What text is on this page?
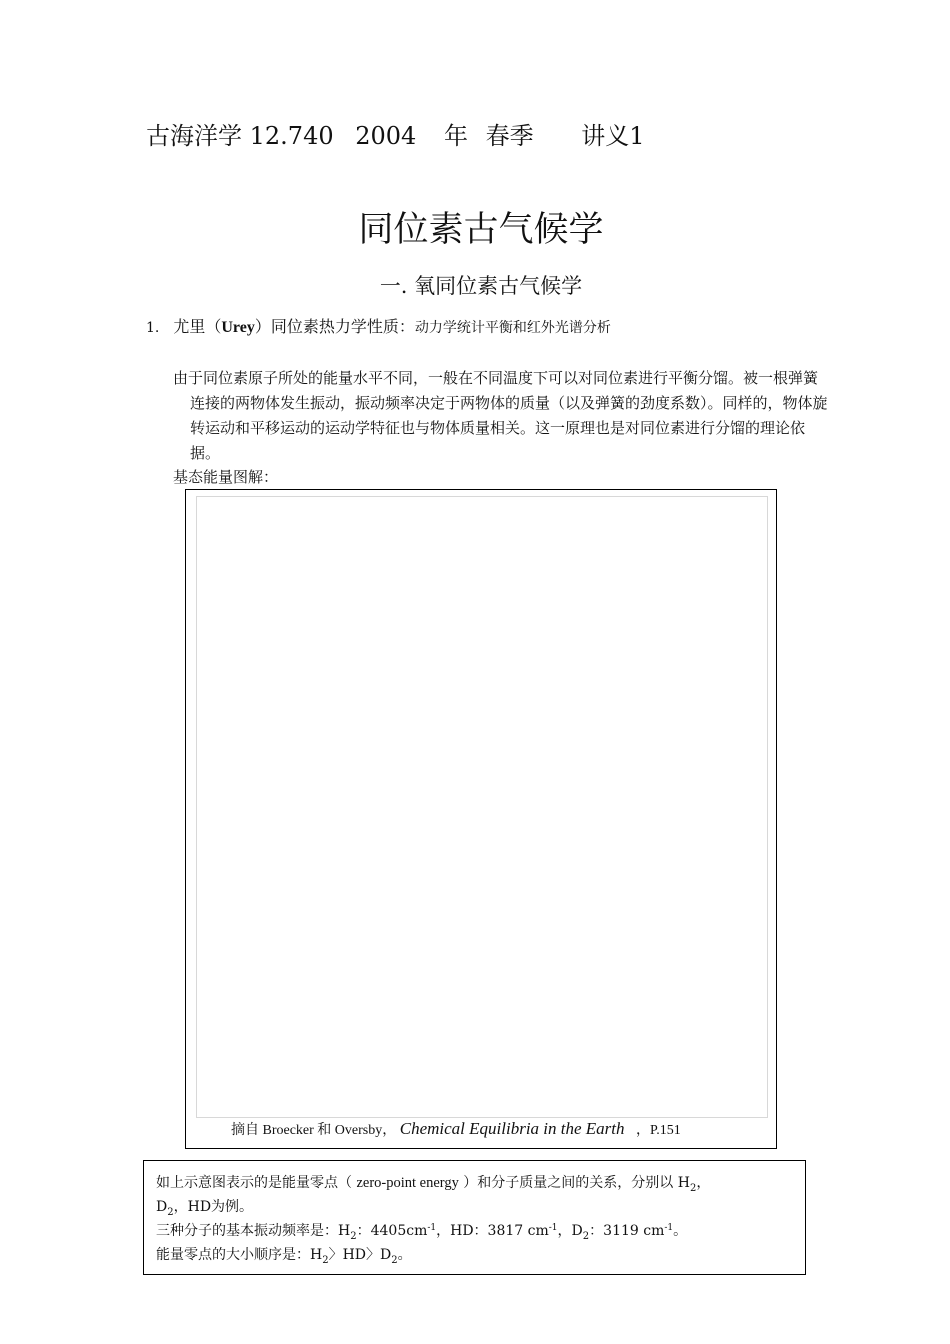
古海洋学 12.740 2004 年 春季 讲义1
同位素古气候学
一. 氧同位素古气候学
1. 尤里（Urey）同位素热力学性质：动力学统计平衡和红外光谱分析
由于同位素原子所处的能量水平不同，一般在不同温度下可以对同位素进行平衡分馏。被一根弹簧连接的两物体发生振动，振动频率决定于两物体的质量（以及弹簧的劲度系数）。同样的，物体旋转运动和平移运动的运动学特征也与物体质量相关。这一原理也是对同位素进行分馏的理论依据。
基态能量图解：
摘自 Broecker 和 Oversby， Chemical Equilibria in the Earth ，P.151
如上示意图表示的是能量零点（ zero-point energy ）和分子质量之间的关系，分别以 $H_2$，
$D_2$，HD为例。
三种分子的基本振动频率是：$H_2$：$4405cm^{-1}$，HD：3817 $cm^{-1}$，$D_2$：3119 $cm^{-1}$。
能量零点的大小顺序是：$H_2$〉HD〉$D_2$。
